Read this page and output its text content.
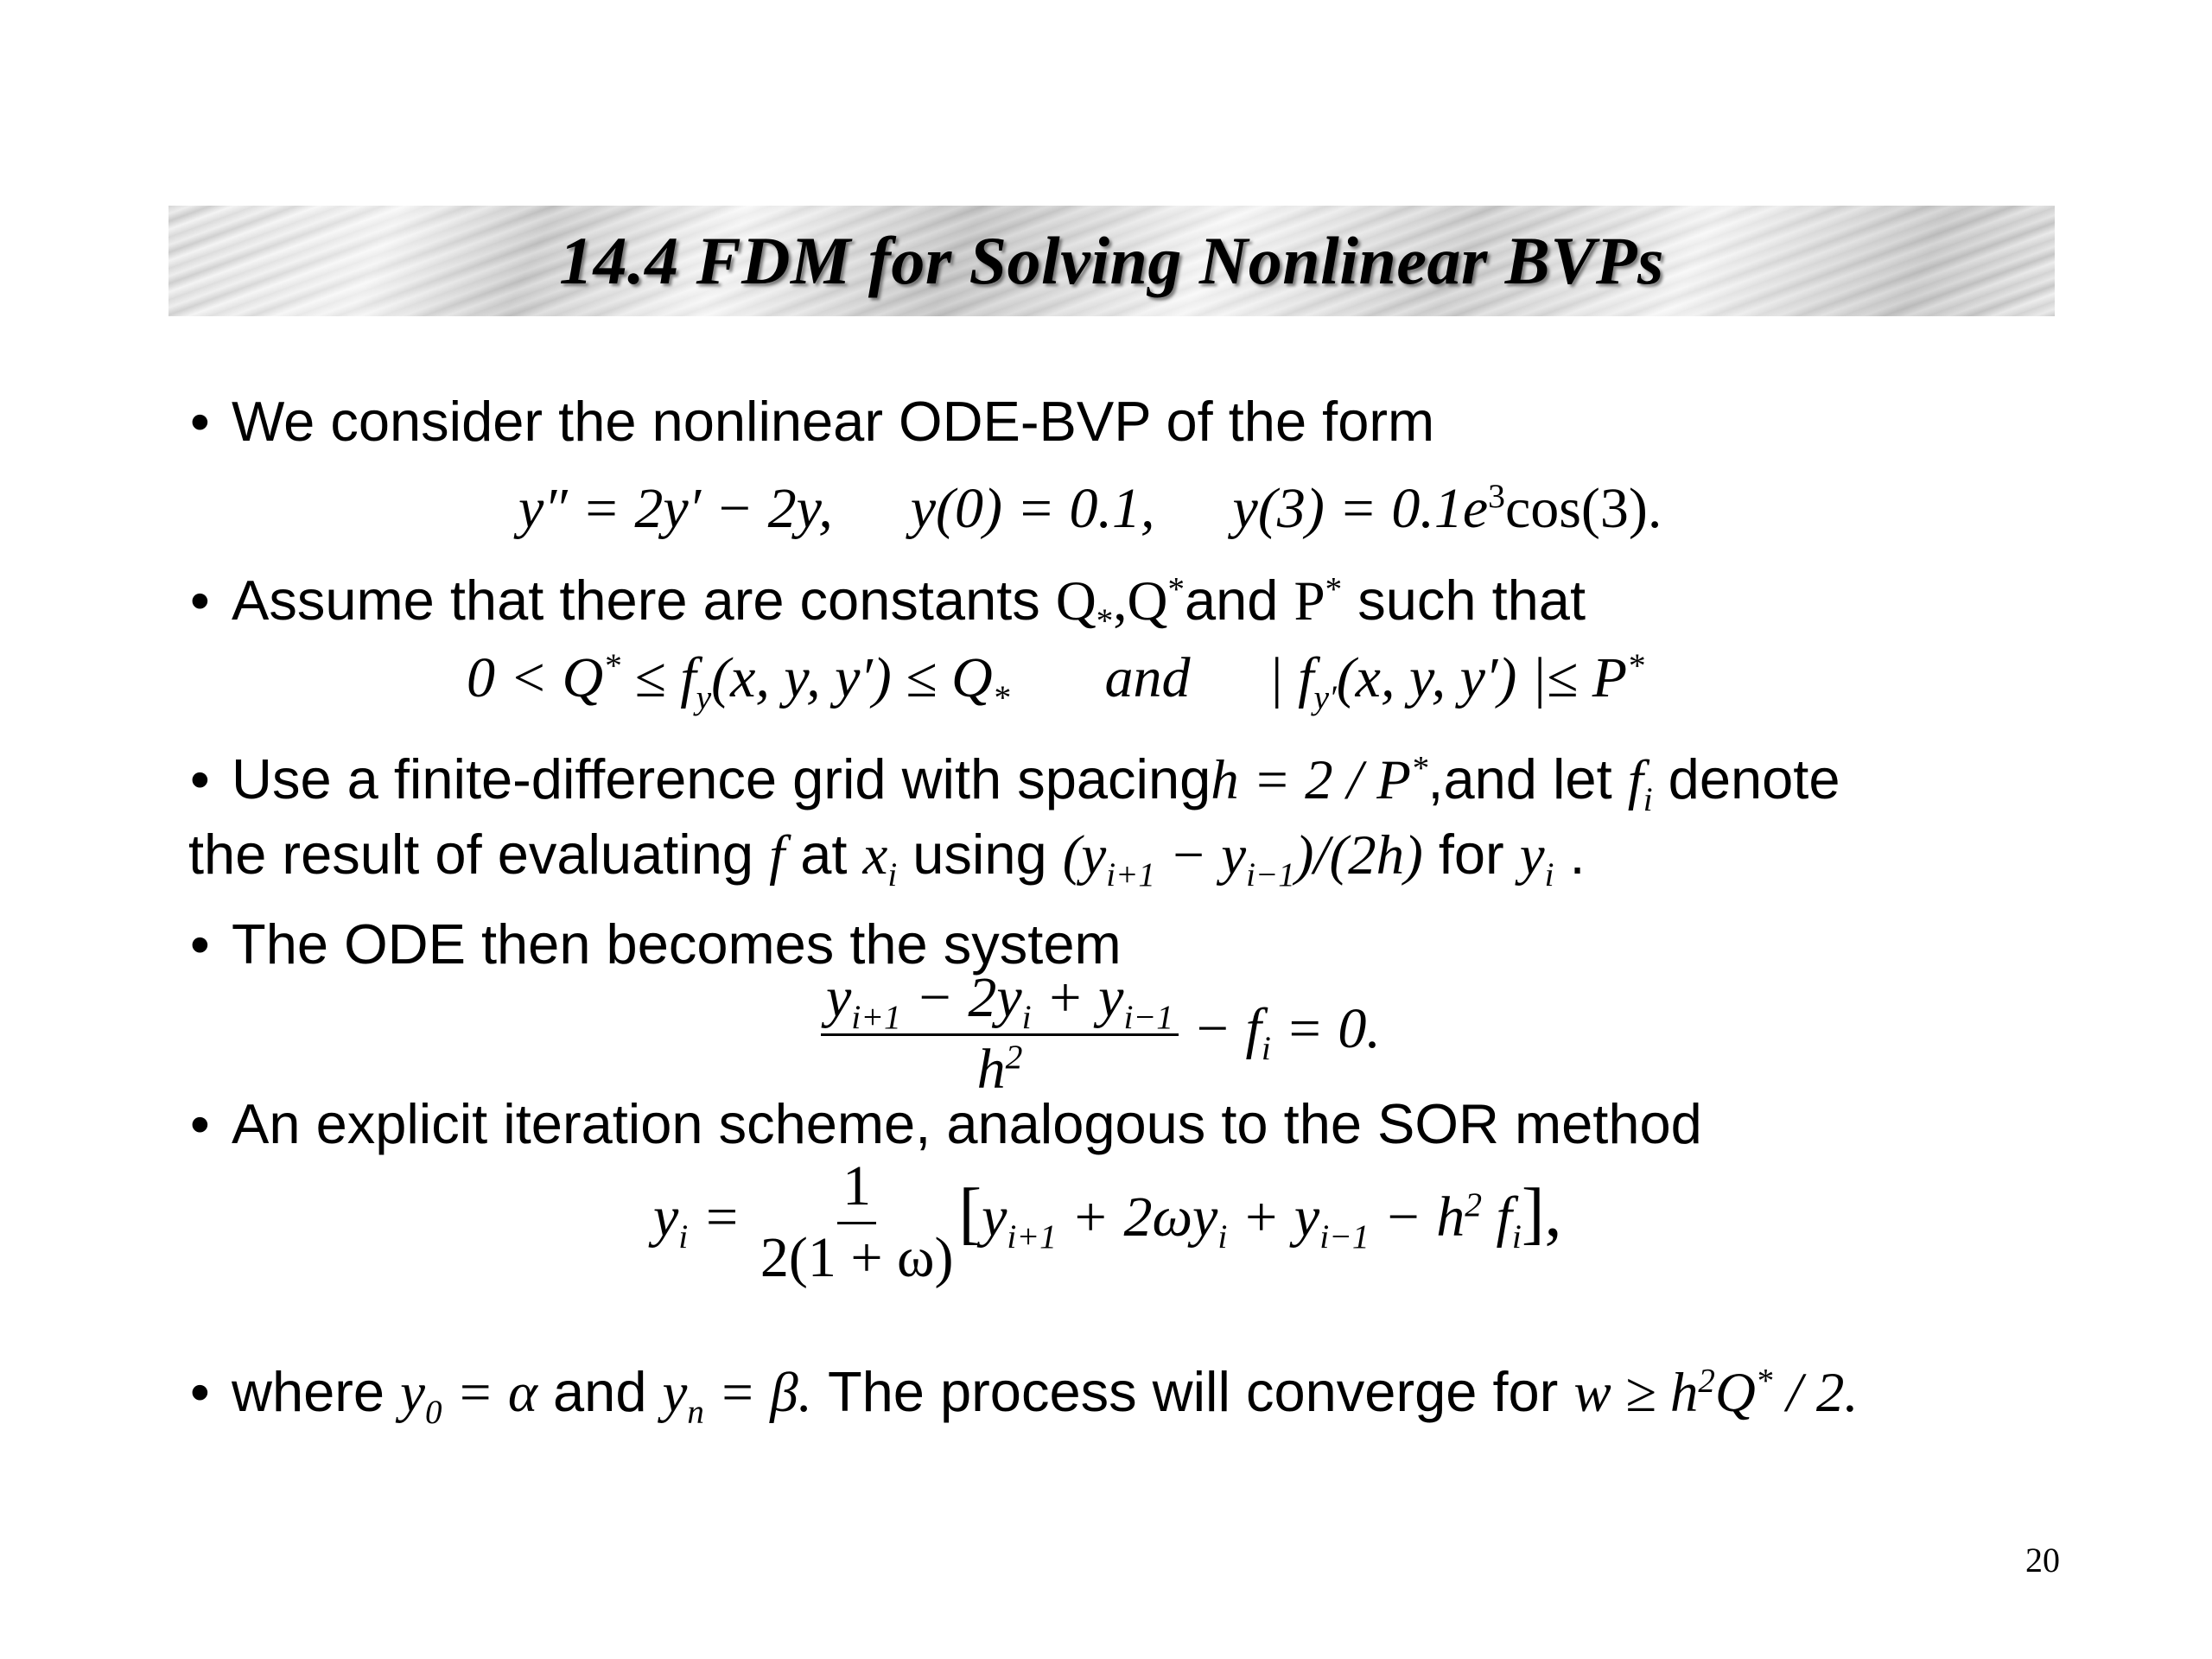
14.4 FDM for Solving Nonlinear BVPs
• We consider the nonlinear ODE-BVP of the form
y″ = 2y′ − 2y, y(0) = 0.1, $y(3) = 0.1e^3\cos(3)$.
• Assume that there are constants $Q_*,Q^*and$ P* such that
$0 < Q^* \le f_y(x$, y, $y') \le Q_*$ and | $f_{y'}(x$, y, y′) |≤ P*
• Use a finite-difference grid with spacingh = 2 / P*,and let $f_i$ denote
the result of evaluating f at $x_i$ using $(y_{i+1} - y_{i-1})/(2h)$ for $y_i$ .
• The ODE then becomes the system
$\frac{y_{i+1} - 2y_i + y_{i-1}}{h^2} - f_i = 0$.
• An explicit iteration scheme, analogous to the SOR method
$y_i = \frac{1}{2(1 + \omega)} [y_{i+1} + 2\omega y_i + y_{i-1} - h^2$ $f_i$],
• where $y_0 = \alpha$ and $y_n = \beta$. The process will converge for $w \ge h^2Q^* / 2$.
20
